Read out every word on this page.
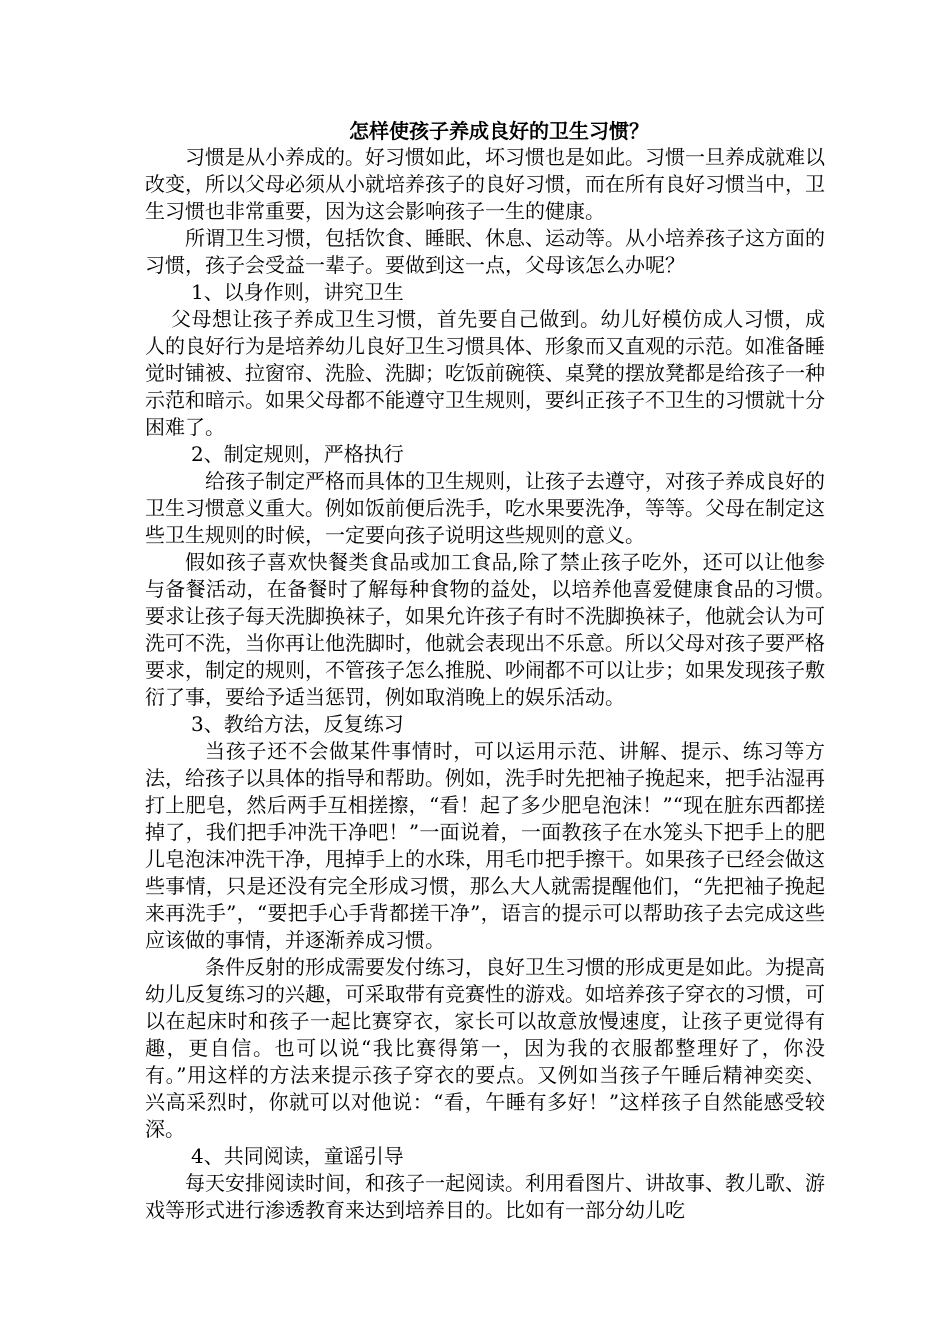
怎样使孩子养成良好的卫生习惯？

习惯是从小养成的。好习惯如此，坏习惯也是如此。习惯一旦养成就难以改变，所以父母必须从小就培养孩子的良好习惯，而在所有良好习惯当中，卫生习惯也非常重要，因为这会影响孩子一生的健康。

所谓卫生习惯，包括饮食、睡眠、休息、运动等。从小培养孩子这方面的习惯，孩子会受益一辈子。要做到这一点，父母该怎么办呢？

1、以身作则，讲究卫生

父母想让孩子养成卫生习惯，首先要自己做到。幼儿好模仿成人习惯，成人的良好行为是培养幼儿良好卫生习惯具体、形象而又直观的示范。如准备睡觉时铺被、拉窗帘、洗脸、洗脚；吃饭前碗筷、桌凳的摆放凳都是给孩子一种示范和暗示。如果父母都不能遵守卫生规则，要纠正孩子不卫生的习惯就十分困难了。

2、制定规则，严格执行

给孩子制定严格而具体的卫生规则，让孩子去遵守，对孩子养成良好的卫生习惯意义重大。例如饭前便后洗手，吃水果要洗净，等等。父母在制定这些卫生规则的时候，一定要向孩子说明这些规则的意义。

假如孩子喜欢快餐类食品或加工食品,除了禁止孩子吃外，还可以让他参与备餐活动，在备餐时了解每种食物的益处，以培养他喜爱健康食品的习惯。　　要求让孩子每天洗脚换袜子，如果允许孩子有时不洗脚换袜子，他就会认为可洗可不洗，当你再让他洗脚时，他就会表现出不乐意。所以父母对孩子要严格要求，制定的规则，不管孩子怎么推脱、吵闹都不可以让步；如果发现孩子敷衍了事，要给予适当惩罚，例如取消晚上的娱乐活动。

3、教给方法，反复练习

当孩子还不会做某件事情时，可以运用示范、讲解、提示、练习等方法，给孩子以具体的指导和帮助。例如，洗手时先把袖子挽起来，把手沾湿再打上肥皂，然后两手互相搓擦，“看！起了多少肥皂泡沫！”“现在脏东西都搓掉了，我们把手冲洗干净吧！”一面说着，一面教孩子在水笼头下把手上的肥儿皂泡沫冲洗干净，甩掉手上的水珠，用毛巾把手擦干。如果孩子已经会做这些事情，只是还没有完全形成习惯，那么大人就需提醒他们，“先把袖子挽起来再洗手”，“要把手心手背都搓干净”，语言的提示可以帮助孩子去完成这些应该做的事情，并逐渐养成习惯。

条件反射的形成需要发付练习，良好卫生习惯的形成更是如此。为提高幼儿反复练习的兴趣，可采取带有竞赛性的游戏。如培养孩子穿衣的习惯，可以在起床时和孩子一起比赛穿衣，家长可以故意放慢速度，让孩子更觉得有趣，更自信。也可以说“我比赛得第一，因为我的衣服都整理好了，你没有。”用这样的方法来提示孩子穿衣的要点。又例如当孩子午睡后精神奕奕、兴高采烈时，你就可以对他说：“看，午睡有多好！”这样孩子自然能感受较深。

4、共同阅读，童谣引导

每天安排阅读时间，和孩子一起阅读。利用看图片、讲故事、教儿歌、游戏等形式进行渗透教育来达到培养目的。比如有一部分幼儿吃
